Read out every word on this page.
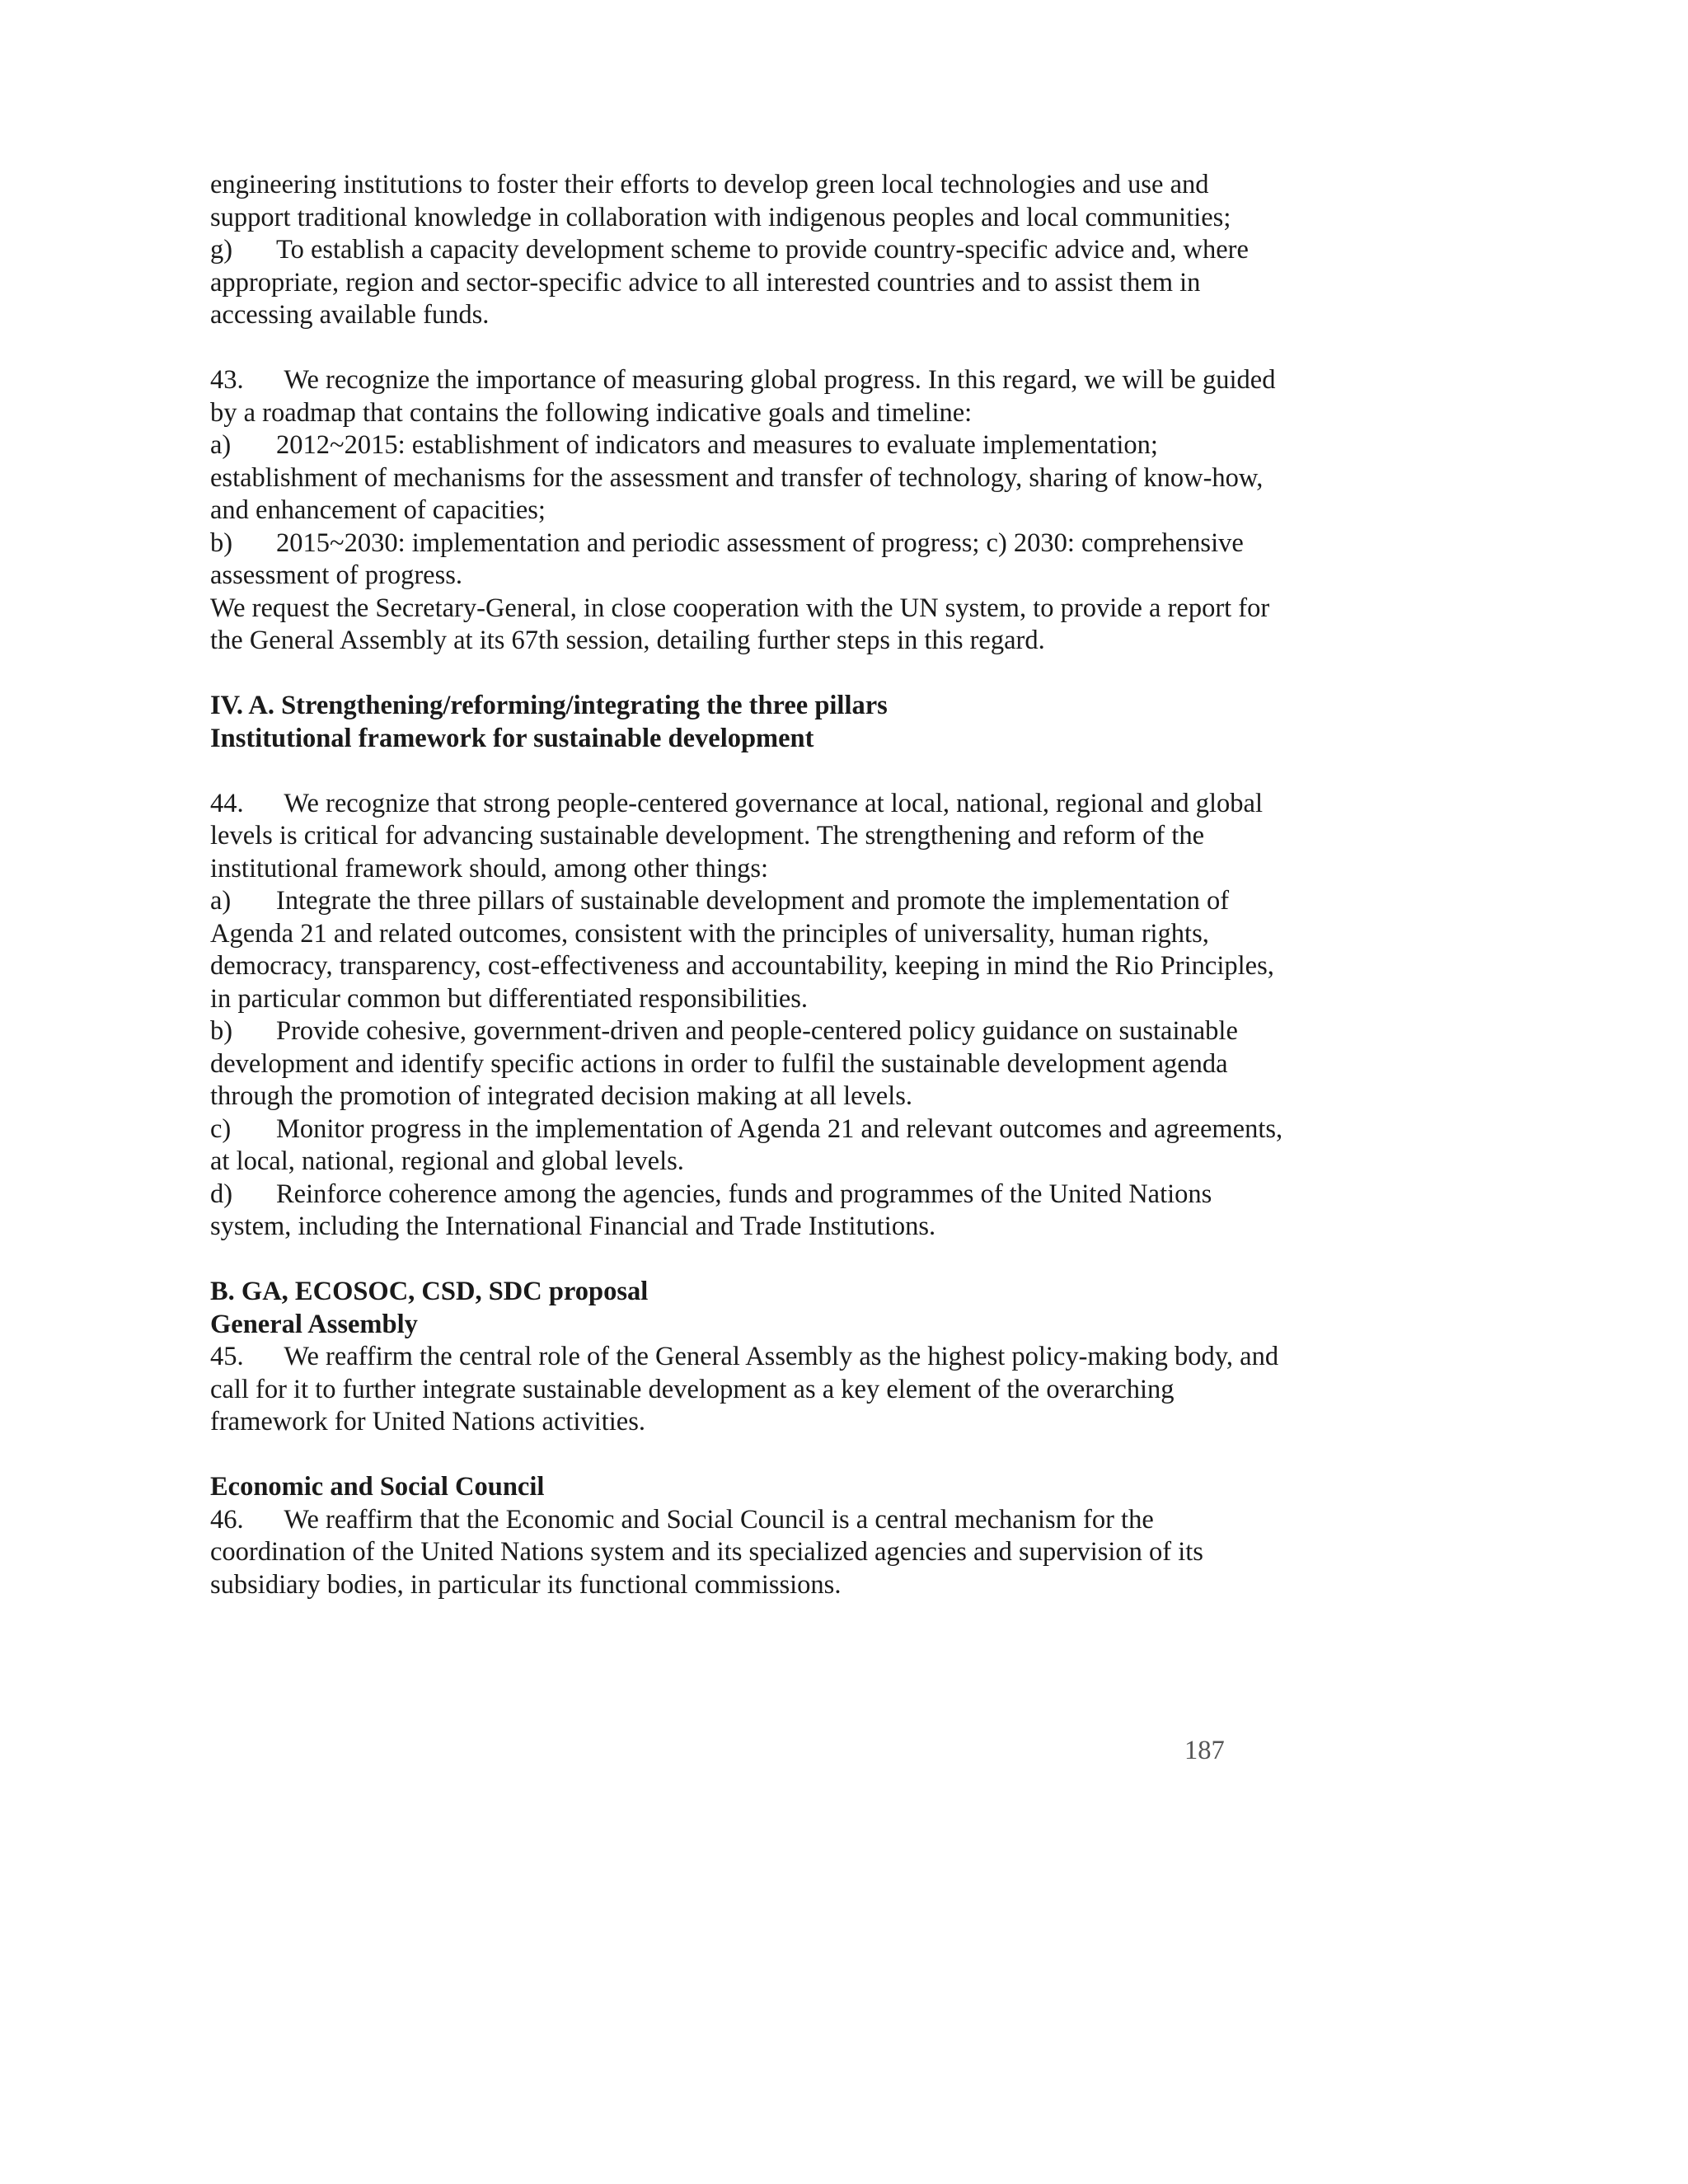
engineering institutions to foster their efforts to develop green local technologies and use and support traditional knowledge in collaboration with indigenous peoples and local communities;

g) To establish a capacity development scheme to provide country-specific advice and, where appropriate, region and sector-specific advice to all interested countries and to assist them in accessing available funds.

43. We recognize the importance of measuring global progress. In this regard, we will be guided by a roadmap that contains the following indicative goals and timeline:

a) 2012~2015: establishment of indicators and measures to evaluate implementation; establishment of mechanisms for the assessment and transfer of technology, sharing of know-how, and enhancement of capacities;

b) 2015~2030: implementation and periodic assessment of progress; c) 2030: comprehensive assessment of progress.

We request the Secretary-General, in close cooperation with the UN system, to provide a report for the General Assembly at its 67th session, detailing further steps in this regard.

IV. A. Strengthening/reforming/integrating the three pillars

Institutional framework for sustainable development

44. We recognize that strong people-centered governance at local, national, regional and global levels is critical for advancing sustainable development. The strengthening and reform of the institutional framework should, among other things:

a) Integrate the three pillars of sustainable development and promote the implementation of Agenda 21 and related outcomes, consistent with the principles of universality, human rights, democracy, transparency, cost-effectiveness and accountability, keeping in mind the Rio Principles, in particular common but differentiated responsibilities.

b) Provide cohesive, government-driven and people-centered policy guidance on sustainable development and identify specific actions in order to fulfil the sustainable development agenda through the promotion of integrated decision making at all levels.

c) Monitor progress in the implementation of Agenda 21 and relevant outcomes and agreements, at local, national, regional and global levels.

d) Reinforce coherence among the agencies, funds and programmes of the United Nations system, including the International Financial and Trade Institutions.

B. GA, ECOSOC, CSD, SDC proposal

General Assembly

45. We reaffirm the central role of the General Assembly as the highest policy-making body, and call for it to further integrate sustainable development as a key element of the overarching framework for United Nations activities.

Economic and Social Council

46. We reaffirm that the Economic and Social Council is a central mechanism for the coordination of the United Nations system and its specialized agencies and supervision of its subsidiary bodies, in particular its functional commissions.

187
